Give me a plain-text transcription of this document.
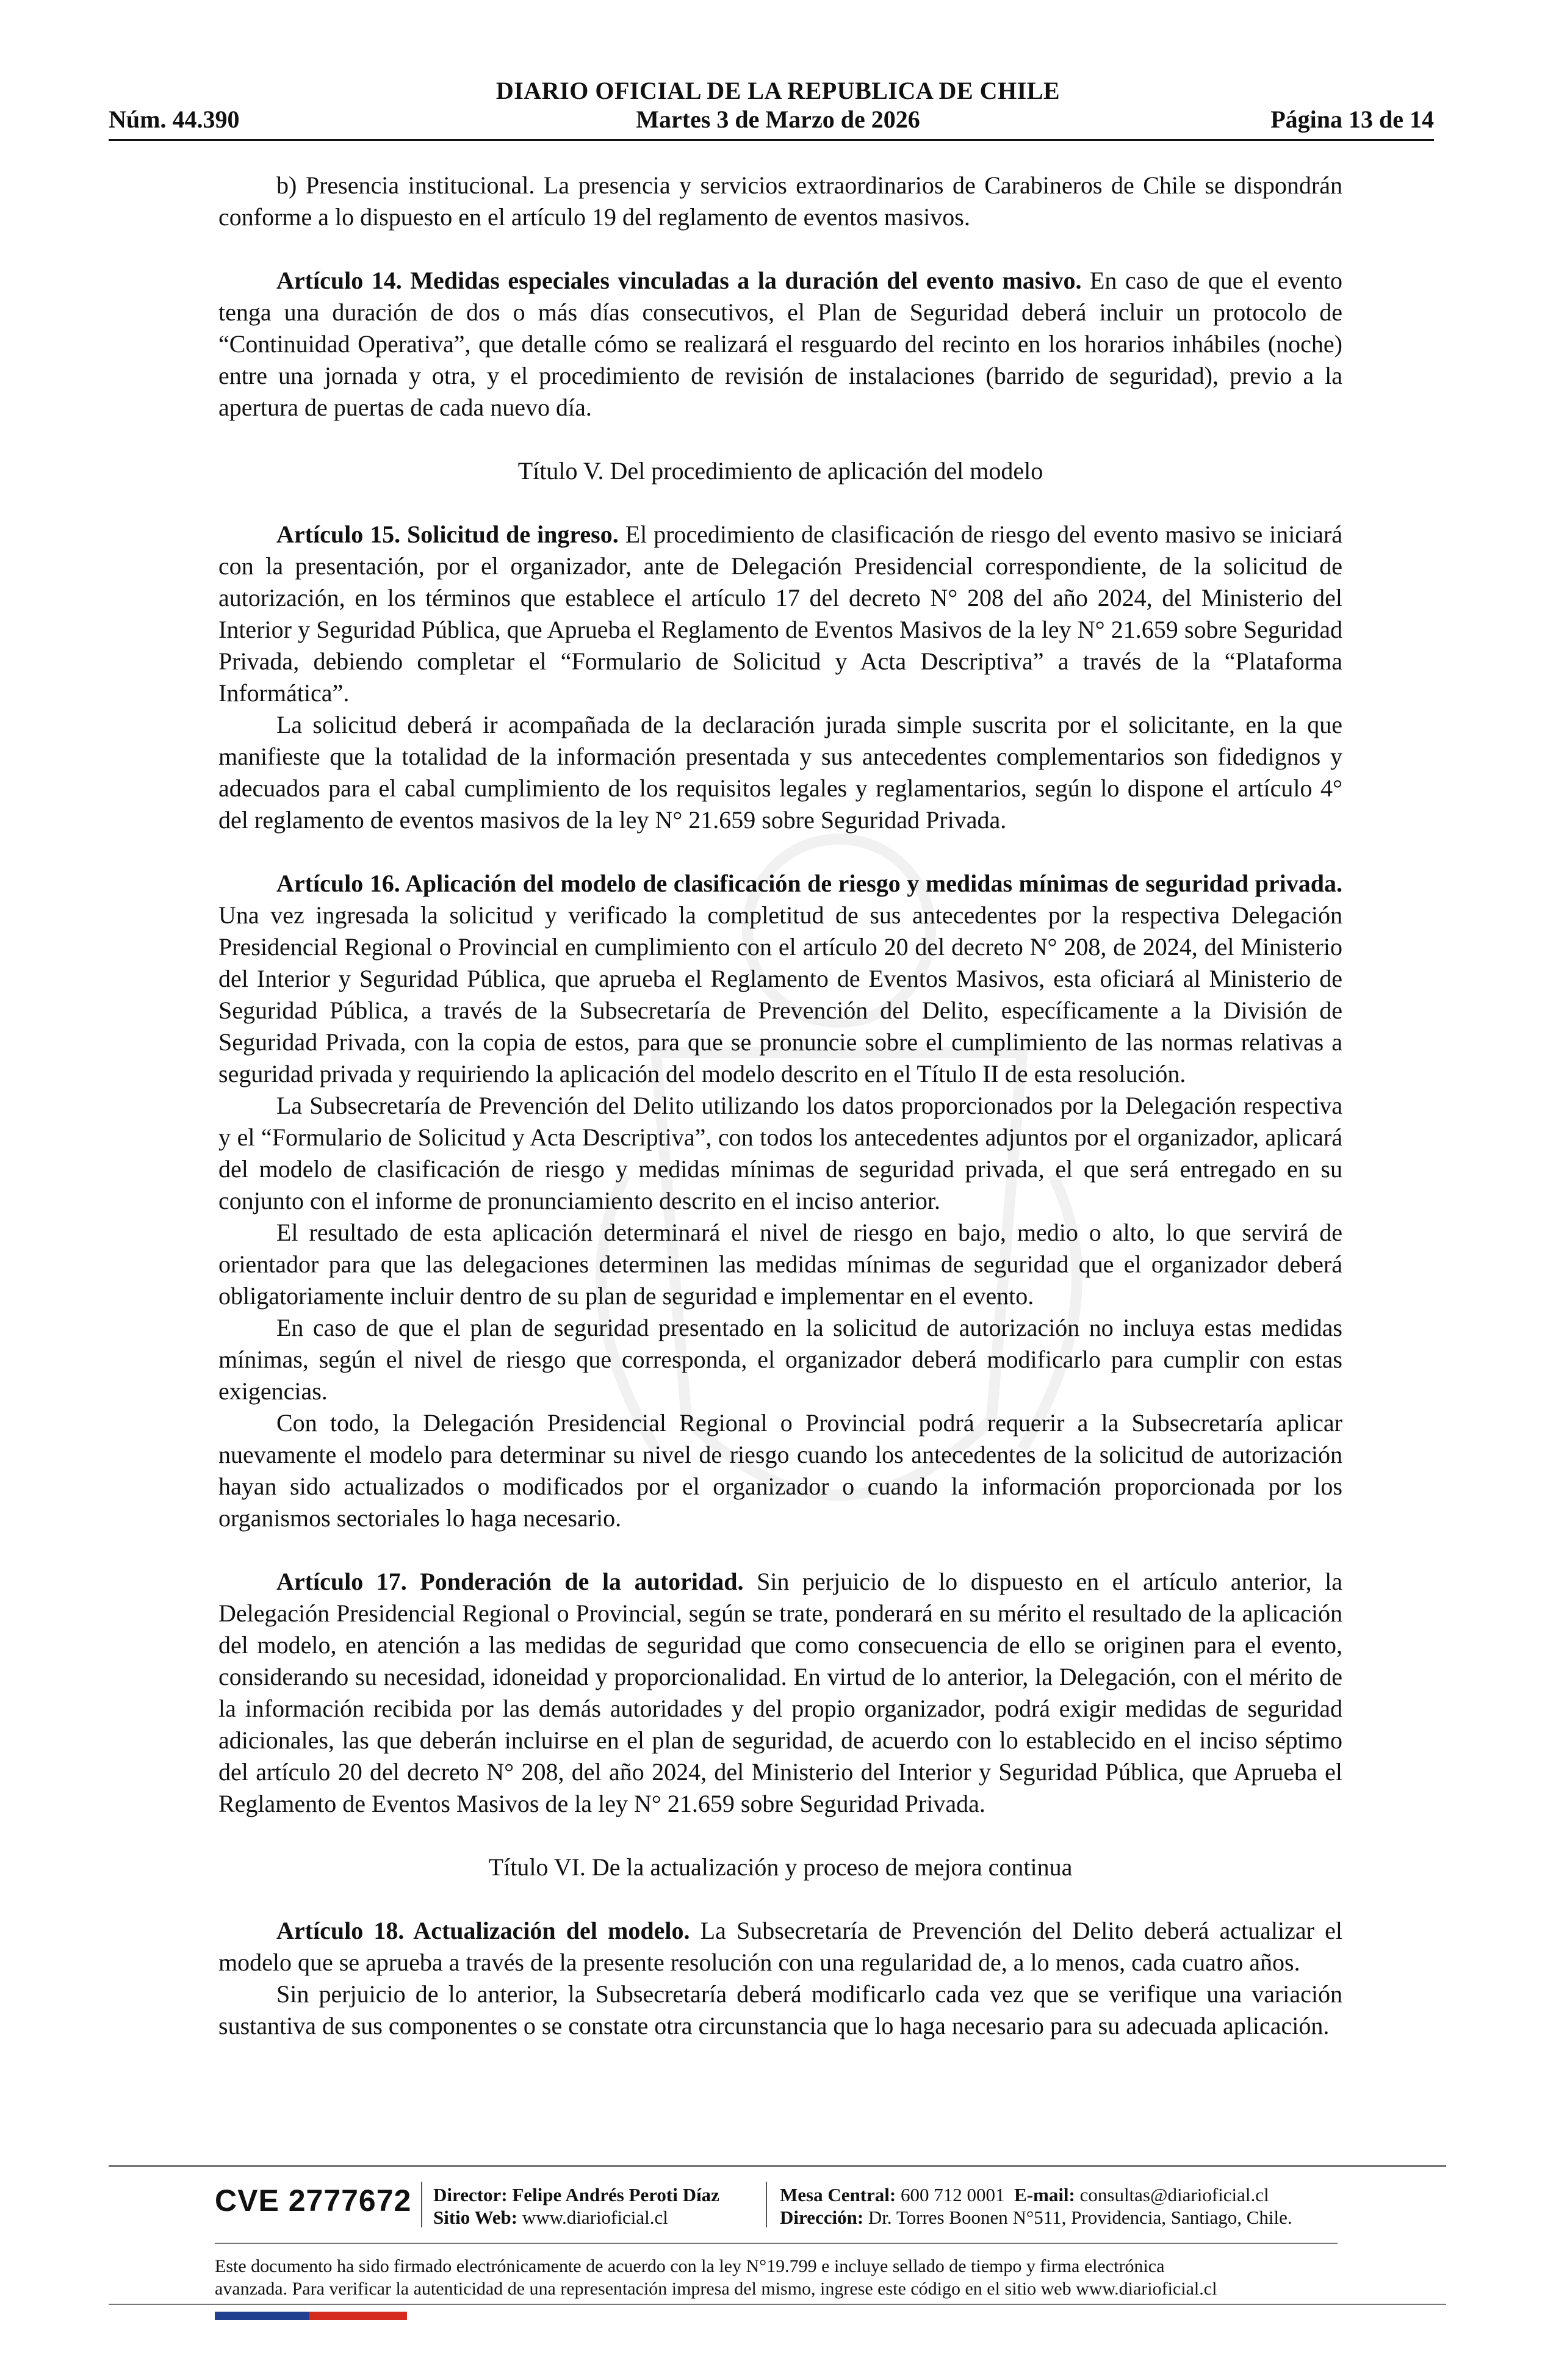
DIARIO OFICIAL DE LA REPUBLICA DE CHILE
Núm. 44.390	Martes 3 de Marzo de 2026	Página 13 de 14

b) Presencia institucional. La presencia y servicios extraordinarios de Carabineros de Chile se dispondrán conforme a lo dispuesto en el artículo 19 del reglamento de eventos masivos.

Artículo 14. Medidas especiales vinculadas a la duración del evento masivo. En caso de que el evento tenga una duración de dos o más días consecutivos, el Plan de Seguridad deberá incluir un protocolo de “Continuidad Operativa”, que detalle cómo se realizará el resguardo del recinto en los horarios inhábiles (noche) entre una jornada y otra, y el procedimiento de revisión de instalaciones (barrido de seguridad), previo a la apertura de puertas de cada nuevo día.

Título V. Del procedimiento de aplicación del modelo

Artículo 15. Solicitud de ingreso. El procedimiento de clasificación de riesgo del evento masivo se iniciará con la presentación, por el organizador, ante de Delegación Presidencial correspondiente, de la solicitud de autorización, en los términos que establece el artículo 17 del decreto N° 208 del año 2024, del Ministerio del Interior y Seguridad Pública, que Aprueba el Reglamento de Eventos Masivos de la ley N° 21.659 sobre Seguridad Privada, debiendo completar el “Formulario de Solicitud y Acta Descriptiva” a través de la “Plataforma Informática”.

La solicitud deberá ir acompañada de la declaración jurada simple suscrita por el solicitante, en la que manifieste que la totalidad de la información presentada y sus antecedentes complementarios son fidedignos y adecuados para el cabal cumplimiento de los requisitos legales y reglamentarios, según lo dispone el artículo 4° del reglamento de eventos masivos de la ley N° 21.659 sobre Seguridad Privada.

Artículo 16. Aplicación del modelo de clasificación de riesgo y medidas mínimas de seguridad privada. Una vez ingresada la solicitud y verificado la completitud de sus antecedentes por la respectiva Delegación Presidencial Regional o Provincial en cumplimiento con el artículo 20 del decreto N° 208, de 2024, del Ministerio del Interior y Seguridad Pública, que aprueba el Reglamento de Eventos Masivos, esta oficiará al Ministerio de Seguridad Pública, a través de la Subsecretaría de Prevención del Delito, específicamente a la División de Seguridad Privada, con la copia de estos, para que se pronuncie sobre el cumplimiento de las normas relativas a seguridad privada y requiriendo la aplicación del modelo descrito en el Título II de esta resolución.

La Subsecretaría de Prevención del Delito utilizando los datos proporcionados por la Delegación respectiva y el “Formulario de Solicitud y Acta Descriptiva”, con todos los antecedentes adjuntos por el organizador, aplicará del modelo de clasificación de riesgo y medidas mínimas de seguridad privada, el que será entregado en su conjunto con el informe de pronunciamiento descrito en el inciso anterior.

El resultado de esta aplicación determinará el nivel de riesgo en bajo, medio o alto, lo que servirá de orientador para que las delegaciones determinen las medidas mínimas de seguridad que el organizador deberá obligatoriamente incluir dentro de su plan de seguridad e implementar en el evento.

En caso de que el plan de seguridad presentado en la solicitud de autorización no incluya estas medidas mínimas, según el nivel de riesgo que corresponda, el organizador deberá modificarlo para cumplir con estas exigencias.

Con todo, la Delegación Presidencial Regional o Provincial podrá requerir a la Subsecretaría aplicar nuevamente el modelo para determinar su nivel de riesgo cuando los antecedentes de la solicitud de autorización hayan sido actualizados o modificados por el organizador o cuando la información proporcionada por los organismos sectoriales lo haga necesario.

Artículo 17. Ponderación de la autoridad. Sin perjuicio de lo dispuesto en el artículo anterior, la Delegación Presidencial Regional o Provincial, según se trate, ponderará en su mérito el resultado de la aplicación del modelo, en atención a las medidas de seguridad que como consecuencia de ello se originen para el evento, considerando su necesidad, idoneidad y proporcionalidad. En virtud de lo anterior, la Delegación, con el mérito de la información recibida por las demás autoridades y del propio organizador, podrá exigir medidas de seguridad adicionales, las que deberán incluirse en el plan de seguridad, de acuerdo con lo establecido en el inciso séptimo del artículo 20 del decreto N° 208, del año 2024, del Ministerio del Interior y Seguridad Pública, que Aprueba el Reglamento de Eventos Masivos de la ley N° 21.659 sobre Seguridad Privada.

Título VI. De la actualización y proceso de mejora continua

Artículo 18. Actualización del modelo. La Subsecretaría de Prevención del Delito deberá actualizar el modelo que se aprueba a través de la presente resolución con una regularidad de, a lo menos, cada cuatro años.

Sin perjuicio de lo anterior, la Subsecretaría deberá modificarlo cada vez que se verifique una variación sustantiva de sus componentes o se constate otra circunstancia que lo haga necesario para su adecuada aplicación.

CVE 2777672 Director: Felipe Andrés Peroti Díaz
Sitio Web: www.diarioficial.cl
Mesa Central: 600 712 0001 E-mail: consultas@diarioficial.cl
Dirección: Dr. Torres Boonen N°511, Providencia, Santiago, Chile.
Este documento ha sido firmado electrónicamente de acuerdo con la ley N°19.799 e incluye sellado de tiempo y firma electrónica
avanzada. Para verificar la autenticidad de una representación impresa del mismo, ingrese este código en el sitio web www.diarioficial.cl
